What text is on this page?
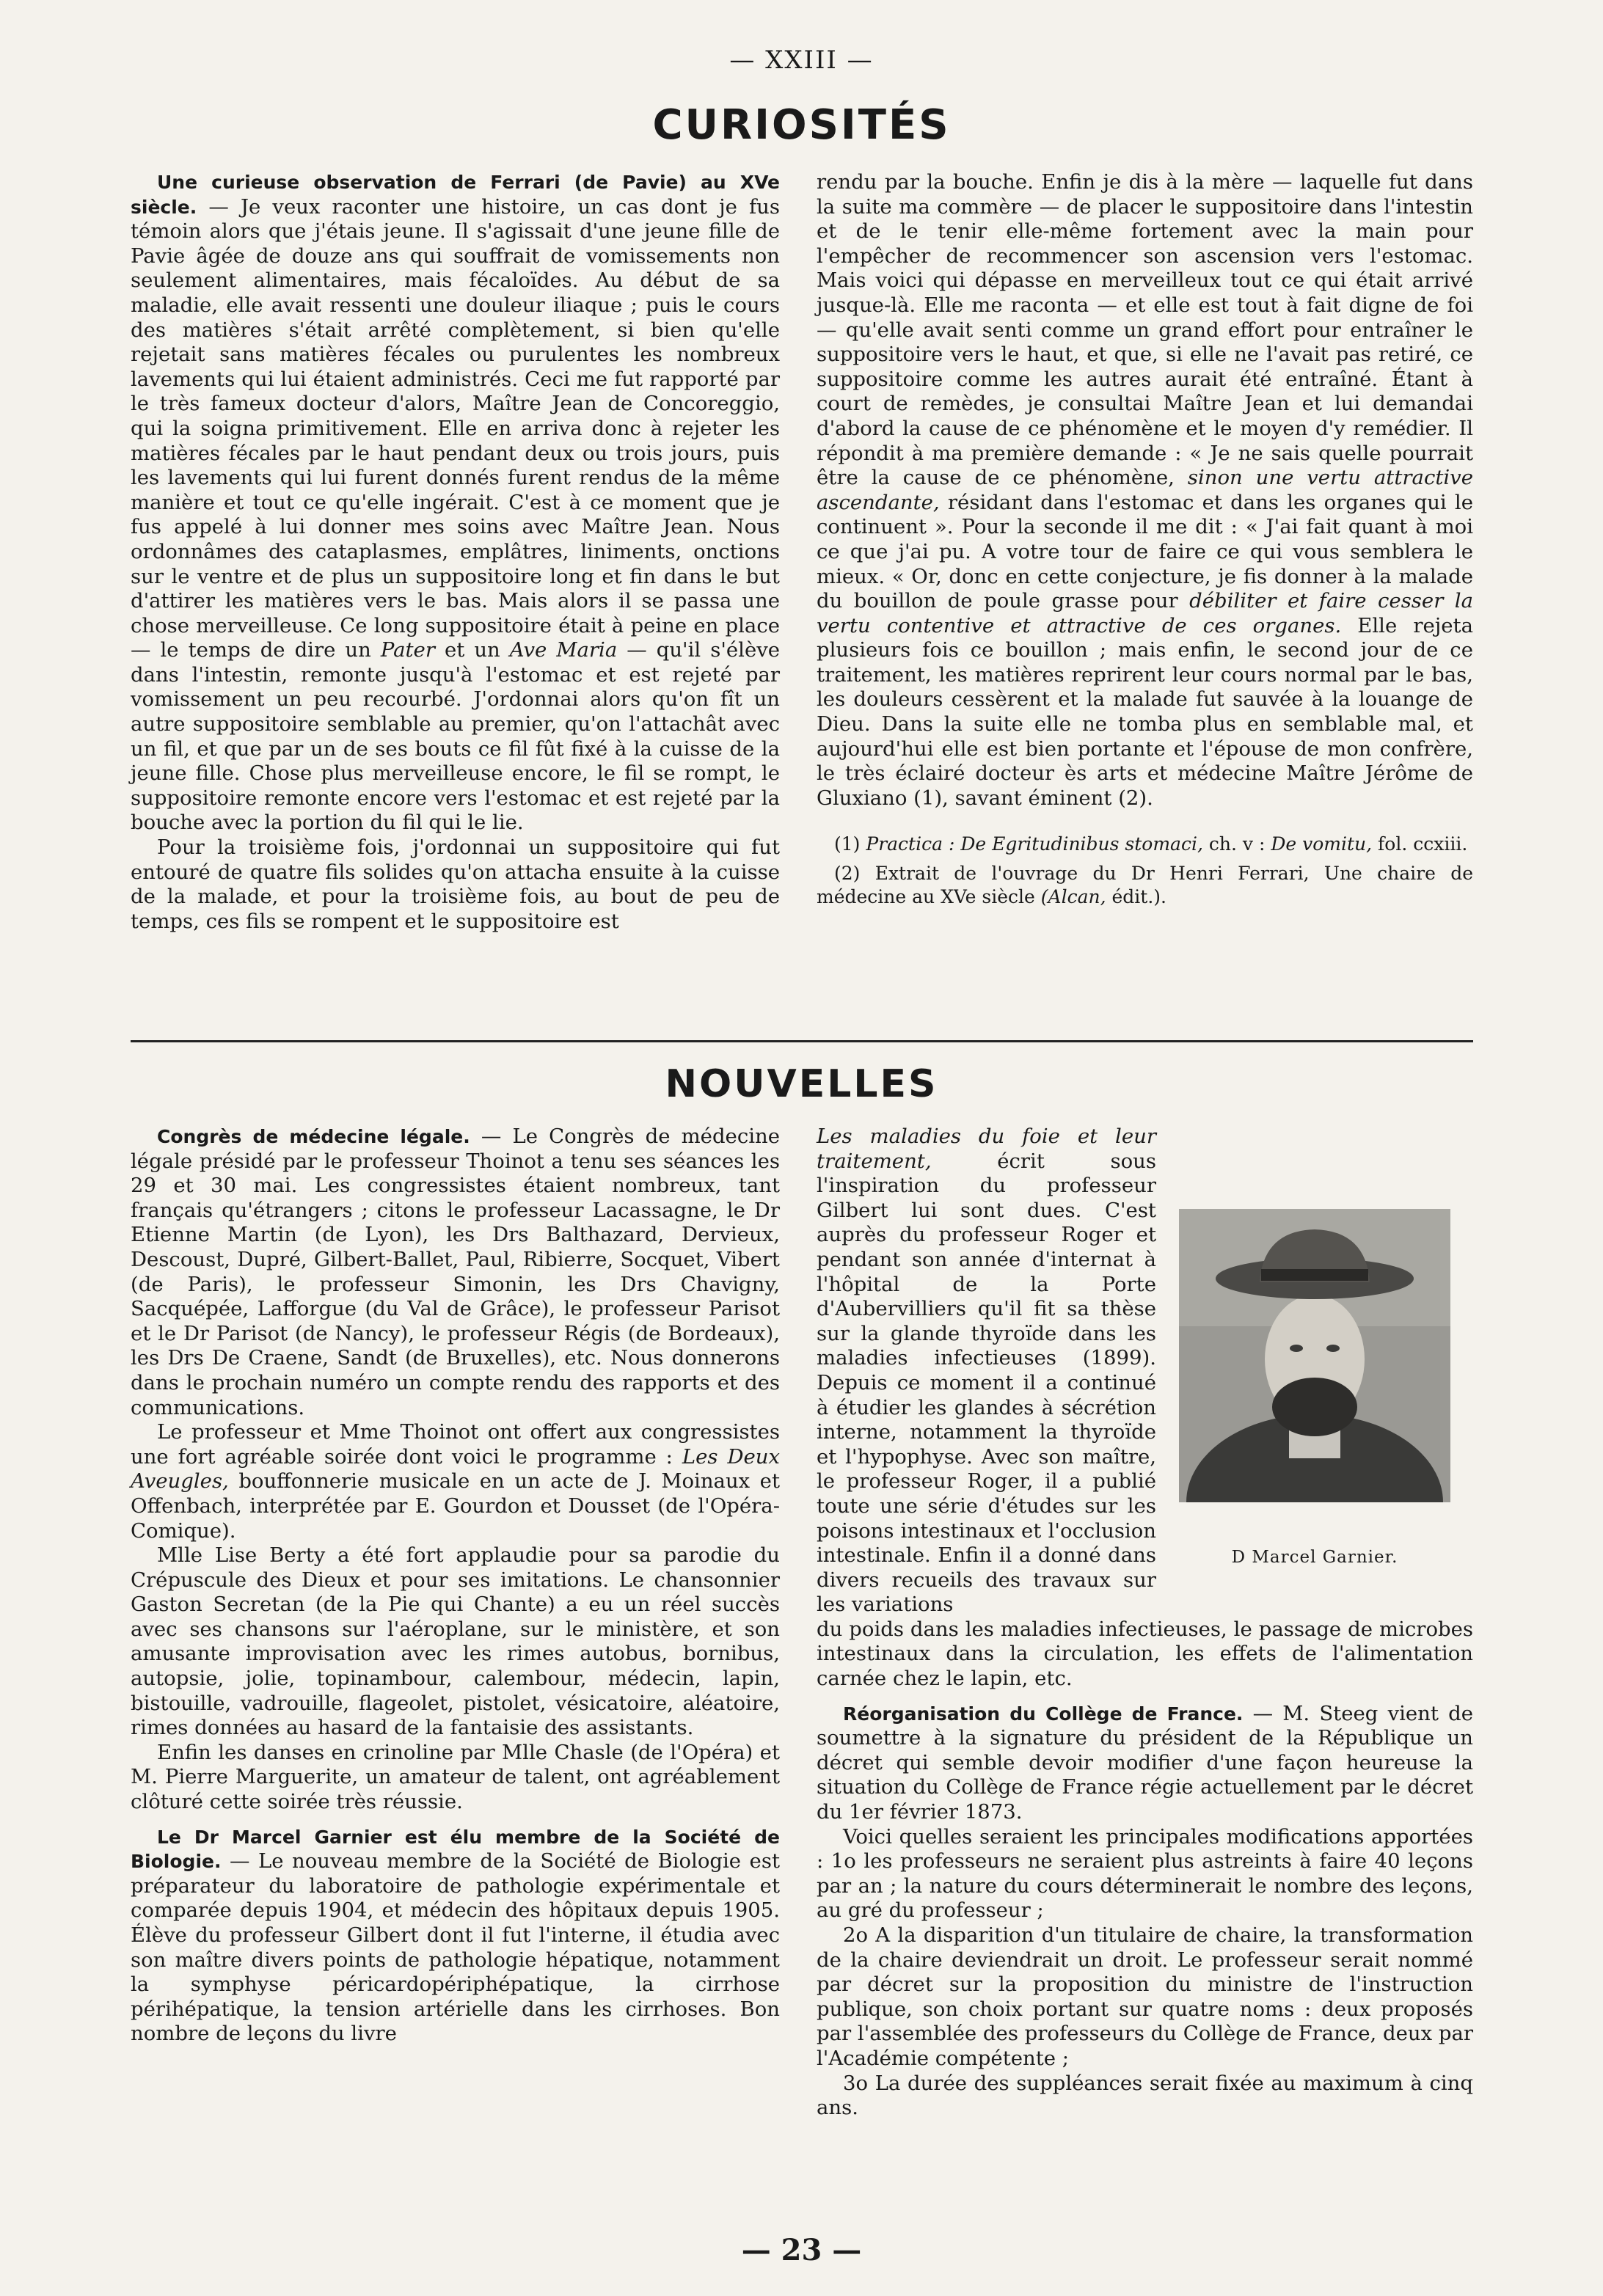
— XXIII —
CURIOSITÉS

Une curieuse observation de Ferrari (de Pavie) au XVe siècle. — Je veux raconter une histoire, un cas dont je fus témoin alors que j'étais jeune. Il s'agissait d'une jeune fille de Pavie âgée de douze ans qui souffrait de vomissements non seulement alimentaires, mais fécaloïdes. Au début de sa maladie, elle avait ressenti une douleur iliaque ; puis le cours des matières s'était arrêté complètement, si bien qu'elle rejetait sans matières fécales ou purulentes les nombreux lavements qui lui étaient administrés. Ceci me fut rapporté par le très fameux docteur d'alors, Maître Jean de Concoreggio, qui la soigna primitivement. Elle en arriva donc à rejeter les matières fécales par le haut pendant deux ou trois jours, puis les lavements qui lui furent donnés furent rendus de la même manière et tout ce qu'elle ingérait. C'est à ce moment que je fus appelé à lui donner mes soins avec Maître Jean. Nous ordonnâmes des cataplasmes, emplâtres, liniments, onctions sur le ventre et de plus un suppositoire long et fin dans le but d'attirer les matières vers le bas. Mais alors il se passa une chose merveilleuse. Ce long suppositoire était à peine en place — le temps de dire un Pater et un Ave Maria — qu'il s'élève dans l'intestin, remonte jusqu'à l'estomac et est rejeté par vomissement un peu recourbé. J'ordonnai alors qu'on fît un autre suppositoire semblable au premier, qu'on l'attachât avec un fil, et que par un de ses bouts ce fil fût fixé à la cuisse de la jeune fille. Chose plus merveilleuse encore, le fil se rompt, le suppositoire remonte encore vers l'estomac et est rejeté par la bouche avec la portion du fil qui le lie.

Pour la troisième fois, j'ordonnai un suppositoire qui fut entouré de quatre fils solides qu'on attacha ensuite à la cuisse de la malade, et pour la troisième fois, au bout de peu de temps, ces fils se rompent et le suppositoire est

rendu par la bouche. Enfin je dis à la mère — laquelle fut dans la suite ma commère — de placer le suppositoire dans l'intestin et de le tenir elle-même fortement avec la main pour l'empêcher de recommencer son ascension vers l'estomac. Mais voici qui dépasse en merveilleux tout ce qui était arrivé jusque-là. Elle me raconta — et elle est tout à fait digne de foi — qu'elle avait senti comme un grand effort pour entraîner le suppositoire vers le haut, et que, si elle ne l'avait pas retiré, ce suppositoire comme les autres aurait été entraîné. Étant à court de remèdes, je consultai Maître Jean et lui demandai d'abord la cause de ce phénomène et le moyen d'y remédier. Il répondit à ma première demande : « Je ne sais quelle pourrait être la cause de ce phénomène, sinon une vertu attractive ascendante, résidant dans l'estomac et dans les organes qui le continuent ». Pour la seconde il me dit : « J'ai fait quant à moi ce que j'ai pu. A votre tour de faire ce qui vous semblera le mieux. « Or, donc en cette conjecture, je fis donner à la malade du bouillon de poule grasse pour débiliter et faire cesser la vertu contentive et attractive de ces organes. Elle rejeta plusieurs fois ce bouillon ; mais enfin, le second jour de ce traitement, les matières reprirent leur cours normal par le bas, les douleurs cessèrent et la malade fut sauvée à la louange de Dieu. Dans la suite elle ne tomba plus en semblable mal, et aujourd'hui elle est bien portante et l'épouse de mon confrère, le très éclairé docteur ès arts et médecine Maître Jérôme de Gluxiano (1), savant éminent (2).

(1) Practica : De Egritudinibus stomaci, ch. v : De vomitu, fol. ccxiii.

(2) Extrait de l'ouvrage du Dr Henri Ferrari, Une chaire de médecine au XVe siècle (Alcan, édit.).

NOUVELLES

Congrès de médecine légale. — Le Congrès de médecine légale présidé par le professeur Thoinot a tenu ses séances les 29 et 30 mai. Les congressistes étaient nombreux, tant français qu'étrangers ; citons le professeur Lacassagne, le Dr Etienne Martin (de Lyon), les Drs Balthazard, Dervieux, Descoust, Dupré, Gilbert-Ballet, Paul, Ribierre, Socquet, Vibert (de Paris), le professeur Simonin, les Drs Chavigny, Sacquépée, Lafforgue (du Val de Grâce), le professeur Parisot et le Dr Parisot (de Nancy), le professeur Régis (de Bordeaux), les Drs De Craene, Sandt (de Bruxelles), etc. Nous donnerons dans le prochain numéro un compte rendu des rapports et des communications.

Le professeur et Mme Thoinot ont offert aux congressistes une fort agréable soirée dont voici le programme : Les Deux Aveugles, bouffonnerie musicale en un acte de J. Moinaux et Offenbach, interprétée par E. Gourdon et Dousset (de l'Opéra-Comique).

Mlle Lise Berty a été fort applaudie pour sa parodie du Crépuscule des Dieux et pour ses imitations. Le chansonnier Gaston Secretan (de la Pie qui Chante) a eu un réel succès avec ses chansons sur l'aéroplane, sur le ministère, et son amusante improvisation avec les rimes autobus, bornibus, autopsie, jolie, topinambour, calembour, médecin, lapin, bistouille, vadrouille, flageolet, pistolet, vésicatoire, aléatoire, rimes données au hasard de la fantaisie des assistants.

Enfin les danses en crinoline par Mlle Chasle (de l'Opéra) et M. Pierre Marguerite, un amateur de talent, ont agréablement clôturé cette soirée très réussie.

Le Dr Marcel Garnier est élu membre de la Société de Biologie. — Le nouveau membre de la Société de Biologie est préparateur du laboratoire de pathologie expérimentale et comparée depuis 1904, et médecin des hôpitaux depuis 1905. Élève du professeur Gilbert dont il fut l'interne, il étudia avec son maître divers points de pathologie hépatique, notamment la symphyse péricardopériphépatique, la cirrhose périhépatique, la tension artérielle dans les cirrhoses. Bon nombre de leçons du livre

Les maladies du foie et leur traitement,	écrit sous l'inspiration du professeur Gilbert lui sont dues. C'est auprès du professeur Roger et pendant son année d'internat à l'hôpital de la Porte d'Aubervilliers qu'il fit sa thèse sur la glande thyroïde dans les maladies infectieuses (1899). Depuis ce moment il a continué à étudier les glandes à sécrétion interne, notamment la thyroïde et l'hypophyse. Avec son maître, le professeur Roger, il a publié toute une série d'études sur les poisons intestinaux et l'occlusion intestinale. Enfin il a donné dans divers recueils des travaux sur les variations

du poids dans les maladies infectieuses, le passage de microbes intestinaux dans la circulation, les effets de l'alimentation carnée chez le lapin, etc.

Réorganisation du Collège de France. — M. Steeg vient de soumettre à la signature du président de la République un décret qui semble devoir modifier d'une façon heureuse la situation du Collège de France régie actuellement par le décret du 1er février 1873.

Voici quelles seraient les principales modifications apportées : 1o les professeurs ne seraient plus astreints à faire 40 leçons par an ; la nature du cours déterminerait le nombre des leçons, au gré du professeur ;

2o A la disparition d'un titulaire de chaire, la transformation de la chaire deviendrait un droit. Le professeur serait nommé par décret sur la proposition du ministre de l'instruction publique, son choix portant sur quatre noms : deux proposés par l'assemblée des professeurs du Collège de France, deux par l'Académie compétente ;

3o La durée des suppléances serait fixée au maximum à cinq ans.

D Marcel Garnier.
— 23 —
